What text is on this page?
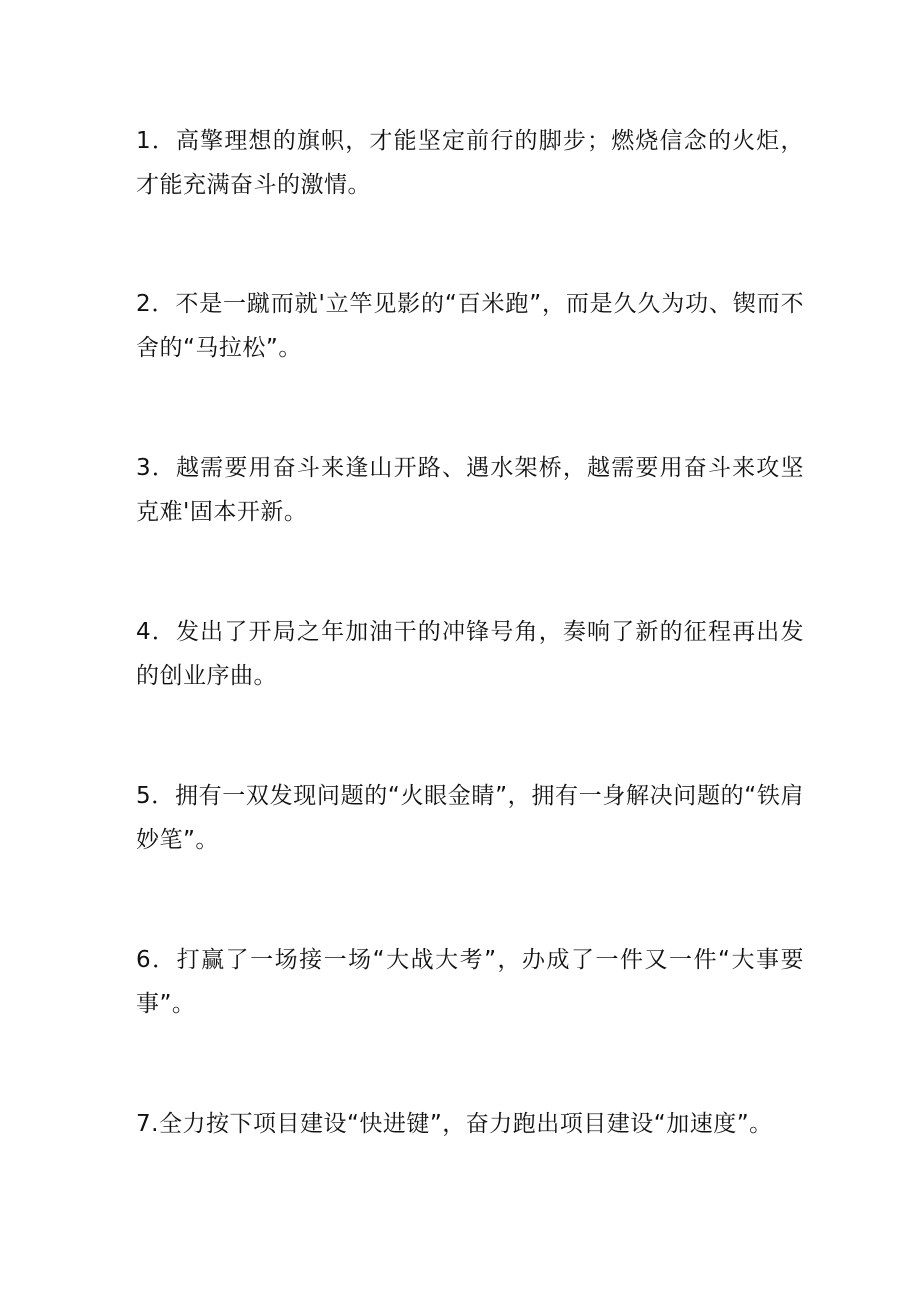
1．高擎理想的旗帜，才能坚定前行的脚步；燃烧信念的火炬，才能充满奋斗的激情。

2．不是一蹴而就'立竿见影的“百米跑”，而是久久为功、锲而不舍的“马拉松”。

3．越需要用奋斗来逢山开路、遇水架桥，越需要用奋斗来攻坚克难'固本开新。

4．发出了开局之年加油干的冲锋号角，奏响了新的征程再出发的创业序曲。

5．拥有一双发现问题的“火眼金睛”，拥有一身解决问题的“铁肩妙笔”。

6．打赢了一场接一场“大战大考”，办成了一件又一件“大事要事”。

7.全力按下项目建设“快进键”，奋力跑出项目建设“加速度”。
